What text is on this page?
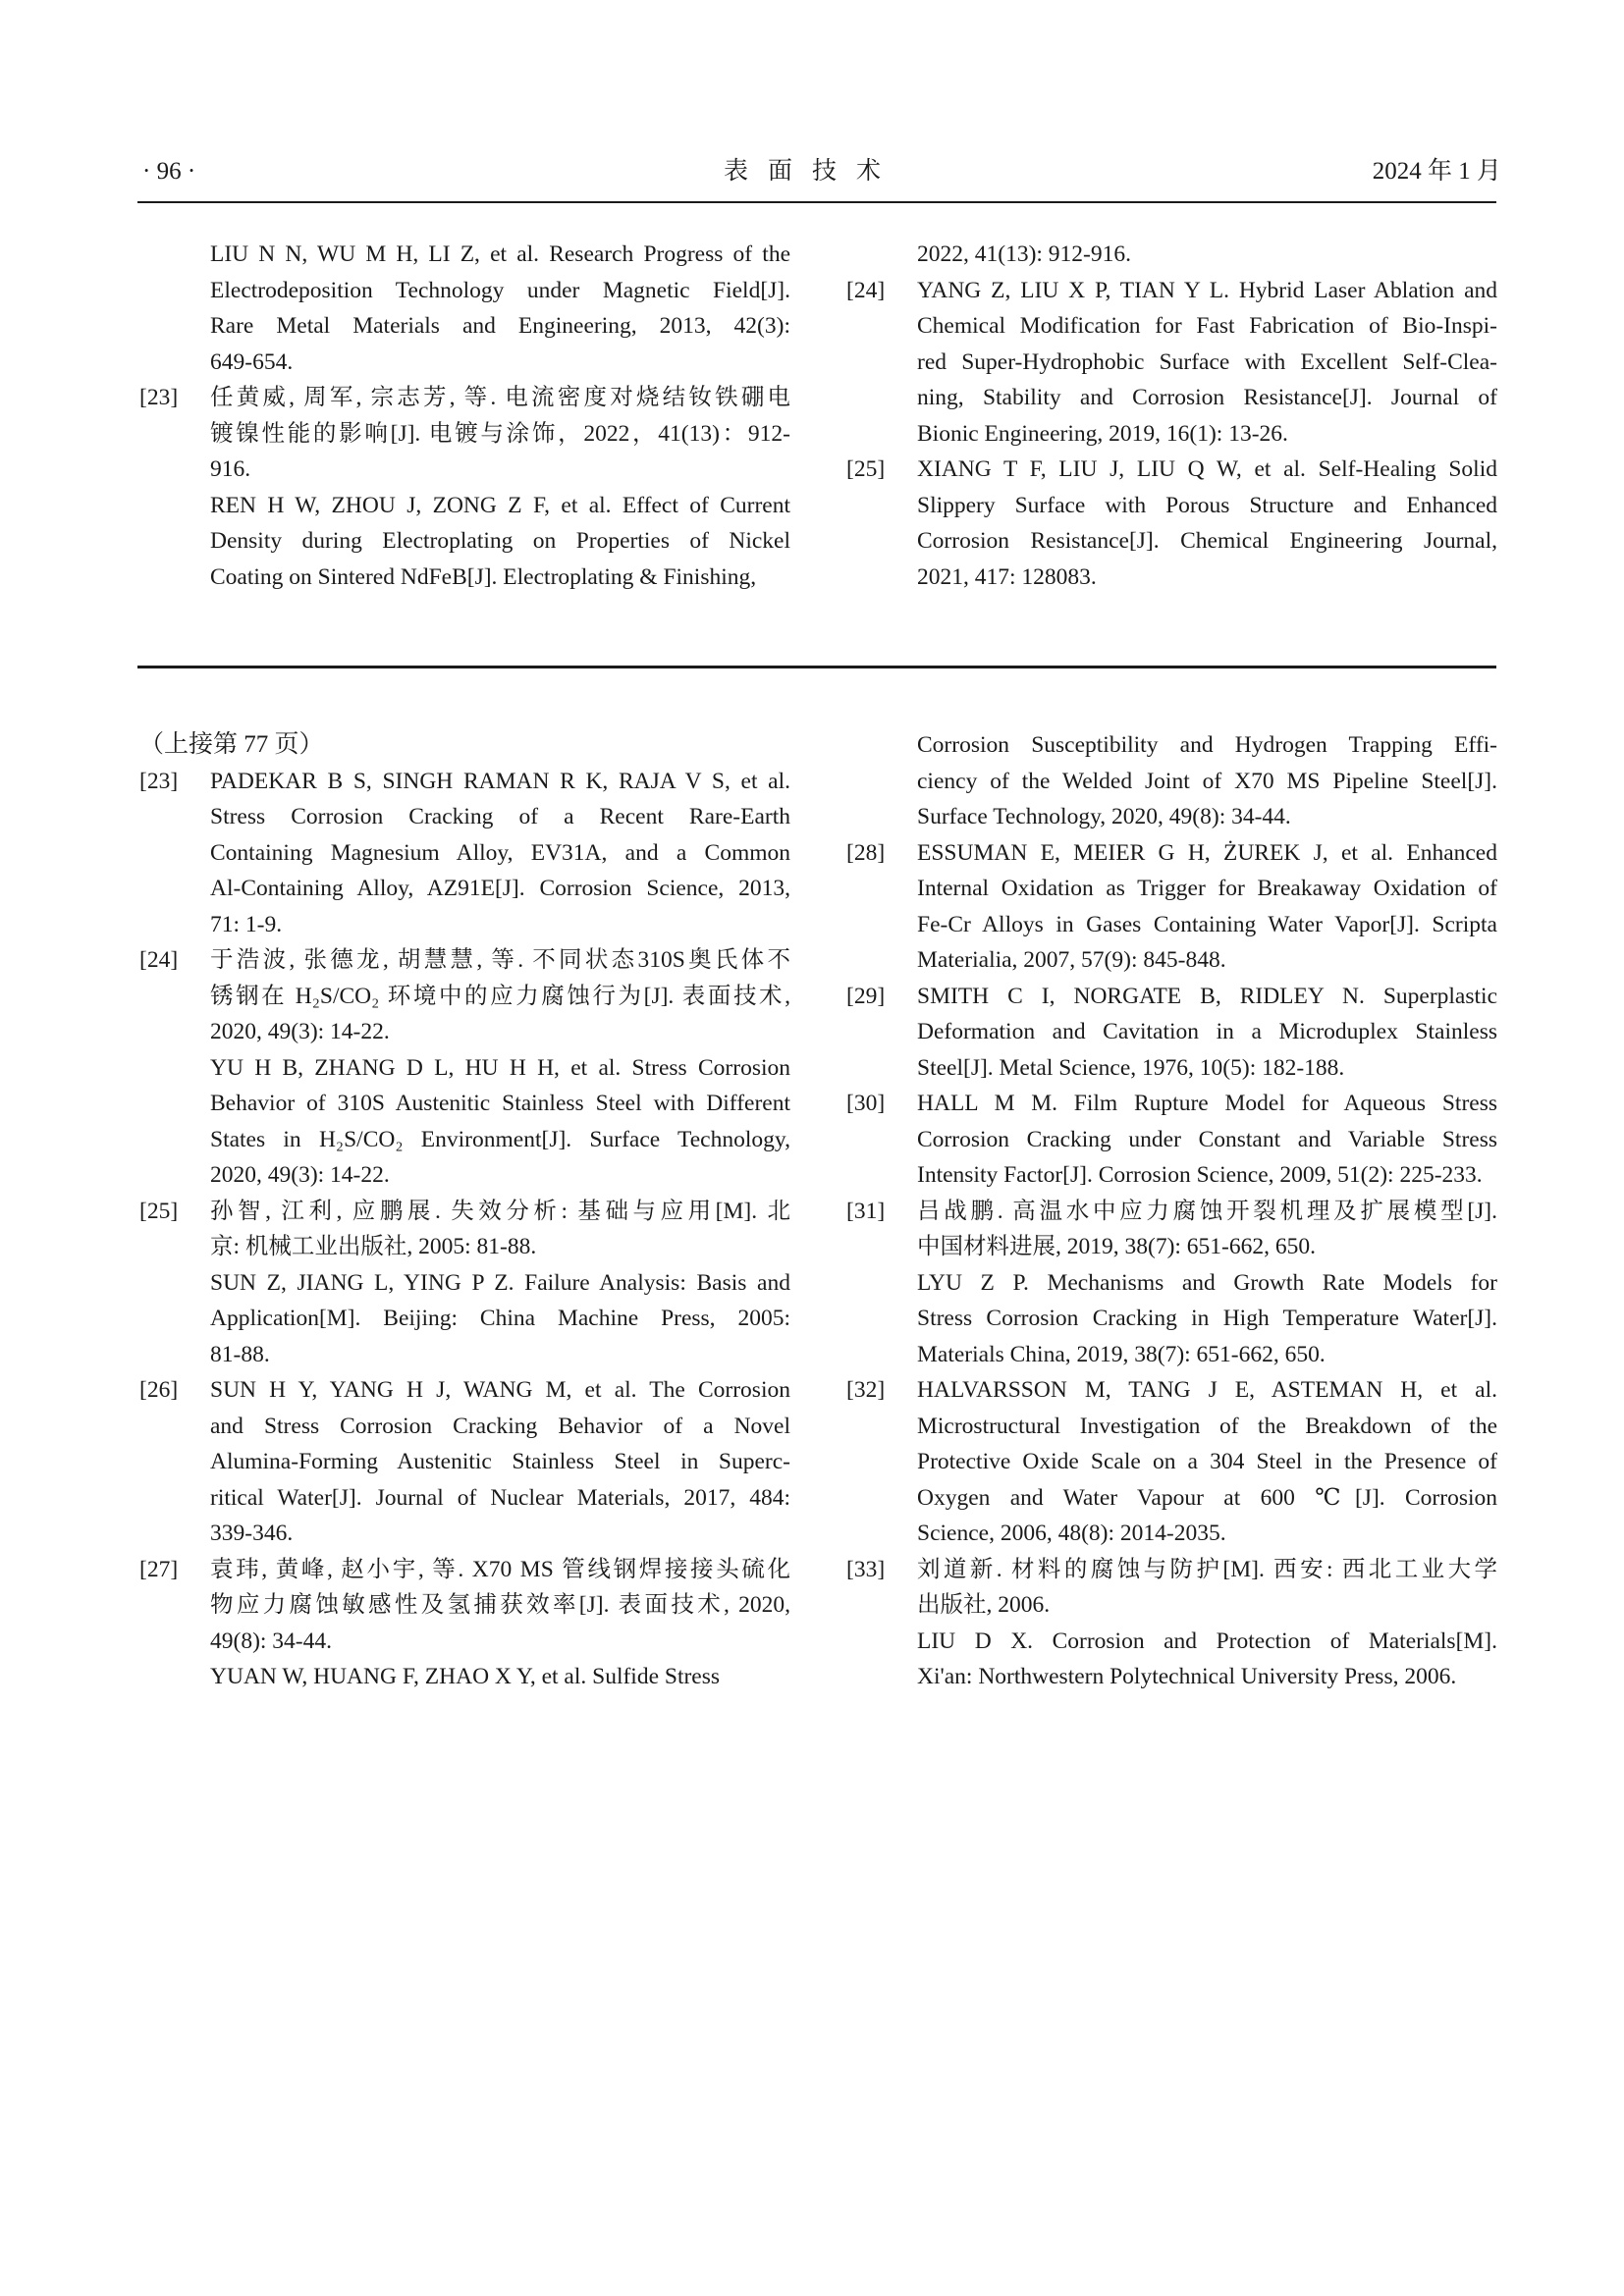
· 96 ·	表面技术	2024 年 1 月
LIU N N, WU M H, LI Z, et al. Research Progress of the
Electrodeposition Technology under Magnetic Field[J].
Rare Metal Materials and Engineering, 2013, 42(3):
649-654.
[23] 任黄威, 周军, 宗志芳, 等. 电流密度对烧结钕铁硼电
镀镍性能的影响[J]. 电镀与涂饰，2022，41(13)：912-
916.
REN H W, ZHOU J, ZONG Z F, et al. Effect of Current
Density during Electroplating on Properties of Nickel
Coating on Sintered NdFeB[J]. Electroplating & Finishing,
2022, 41(13): 912-916.
[24] YANG Z, LIU X P, TIAN Y L. Hybrid Laser Ablation and
Chemical Modification for Fast Fabrication of Bio-Inspi-
red Super-Hydrophobic Surface with Excellent Self-Clea-
ning, Stability and Corrosion Resistance[J]. Journal of
Bionic Engineering, 2019, 16(1): 13-26.
[25] XIANG T F, LIU J, LIU Q W, et al. Self-Healing Solid
Slippery Surface with Porous Structure and Enhanced
Corrosion Resistance[J]. Chemical Engineering Journal,
2021, 417: 128083.
（上接第 77 页）
[23] PADEKAR B S, SINGH RAMAN R K, RAJA V S, et al.
Stress Corrosion Cracking of a Recent Rare-Earth
Containing Magnesium Alloy, EV31A, and a Common
Al-Containing Alloy, AZ91E[J]. Corrosion Science, 2013,
71: 1-9.
[24] 于浩波, 张德龙, 胡慧慧, 等. 不同状态310S奥氏体不
锈钢在 H₂S/CO₂ 环境中的应力腐蚀行为[J]. 表面技术,
2020, 49(3): 14-22.
YU H B, ZHANG D L, HU H H, et al. Stress Corrosion
Behavior of 310S Austenitic Stainless Steel with Different
States in H₂S/CO₂ Environment[J]. Surface Technology,
2020, 49(3): 14-22.
[25] 孙智, 江利, 应鹏展. 失效分析: 基础与应用[M]. 北
京: 机械工业出版社, 2005: 81-88.
SUN Z, JIANG L, YING P Z. Failure Analysis: Basis and
Application[M]. Beijing: China Machine Press, 2005:
81-88.
[26] SUN H Y, YANG H J, WANG M, et al. The Corrosion
and Stress Corrosion Cracking Behavior of a Novel
Alumina-Forming Austenitic Stainless Steel in Superc-
ritical Water[J]. Journal of Nuclear Materials, 2017, 484:
339-346.
[27] 袁玮, 黄峰, 赵小宇, 等. X70 MS 管线钢焊接接头硫化
物应力腐蚀敏感性及氢捕获效率[J]. 表面技术, 2020,
49(8): 34-44.
YUAN W, HUANG F, ZHAO X Y, et al. Sulfide Stress
Corrosion Susceptibility and Hydrogen Trapping Effi-
ciency of the Welded Joint of X70 MS Pipeline Steel[J].
Surface Technology, 2020, 49(8): 34-44.
[28] ESSUMAN E, MEIER G H, ŻUREK J, et al. Enhanced
Internal Oxidation as Trigger for Breakaway Oxidation of
Fe-Cr Alloys in Gases Containing Water Vapor[J]. Scripta
Materialia, 2007, 57(9): 845-848.
[29] SMITH C I, NORGATE B, RIDLEY N. Superplastic
Deformation and Cavitation in a Microduplex Stainless
Steel[J]. Metal Science, 1976, 10(5): 182-188.
[30] HALL M M. Film Rupture Model for Aqueous Stress
Corrosion Cracking under Constant and Variable Stress
Intensity Factor[J]. Corrosion Science, 2009, 51(2): 225-233.
[31] 吕战鹏. 高温水中应力腐蚀开裂机理及扩展模型[J].
中国材料进展, 2019, 38(7): 651-662, 650.
LYU Z P. Mechanisms and Growth Rate Models for
Stress Corrosion Cracking in High Temperature Water[J].
Materials China, 2019, 38(7): 651-662, 650.
[32] HALVARSSON M, TANG J E, ASTEMAN H, et al.
Microstructural Investigation of the Breakdown of the
Protective Oxide Scale on a 304 Steel in the Presence of
Oxygen and Water Vapour at 600 ℃[J]. Corrosion
Science, 2006, 48(8): 2014-2035.
[33] 刘道新. 材料的腐蚀与防护[M]. 西安: 西北工业大学
出版社, 2006.
LIU D X. Corrosion and Protection of Materials[M].
Xi'an: Northwestern Polytechnical University Press, 2006.
